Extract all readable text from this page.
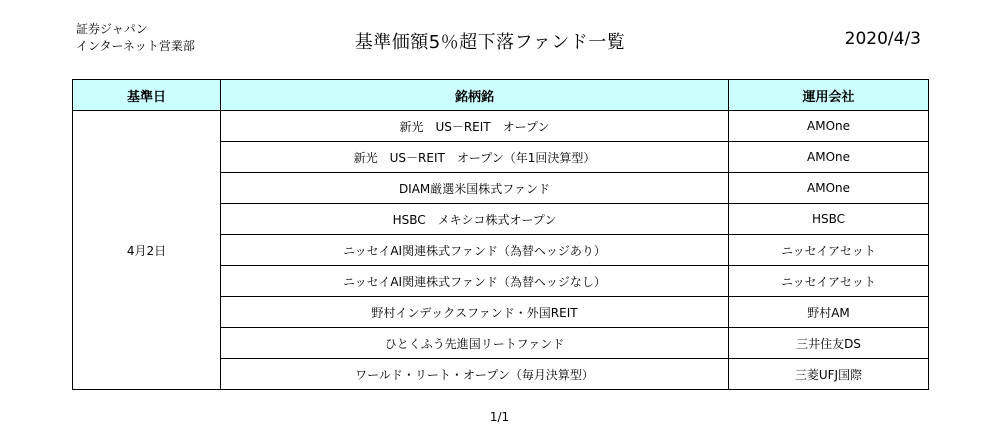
証券ジャパン
インターネット営業部	基準価額5％超下落ファンド一覧	2020/4/3
基準日	銘柄銘	運用会社
4月2日	新光　US－REIT　オープン	AMOne
	新光　US－REIT　オープン（年1回決算型）	AMOne
	DIAM厳選米国株式ファンド	AMOne
	HSBC　メキシコ株式オープン	HSBC
	ニッセイAI関連株式ファンド（為替ヘッジあり）	ニッセイアセット
	ニッセイAI関連株式ファンド（為替ヘッジなし）	ニッセイアセット
	野村インデックスファンド・外国REIT	野村AM
	ひとくふう先進国リートファンド	三井住友DS
	ワールド・リート・オープン（毎月決算型）	三菱UFJ国際
1/1
